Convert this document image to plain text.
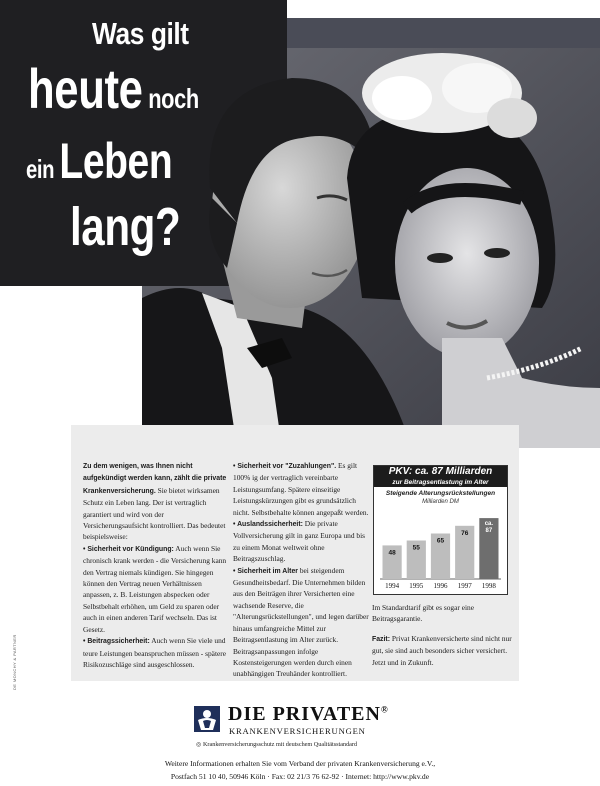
Was gilt
heute noch
ein Leben
lang?

Zu dem wenigen, was Ihnen nicht aufgekündigt werden kann, zählt die private Krankenversicherung. Sie bietet wirksamen Schutz ein Leben lang. Der ist vertraglich garantiert und wird von der Versicherungsaufsicht kontrolliert. Das bedeutet beispielsweise:

• Sicherheit vor Kündigung: Auch wenn Sie chronisch krank werden - die Versicherung kann den Vertrag niemals kündigen. Sie hingegen können den Vertrag neuen Verhältnissen anpassen, z. B. Leistungen abspecken oder Selbstbehalt erhöhen, um Geld zu sparen oder auch in einen anderen Tarif wechseln. Das ist Gesetz.

• Beitragssicherheit: Auch wenn Sie viele und teure Leistungen beanspruchen müssen - spätere Risikozuschläge sind ausgeschlossen.

• Sicherheit vor "Zuzahlungen". Es gilt 100% ig der vertraglich vereinbarte Leistungsumfang. Spätere einseitige Leistungskürzungen gibt es grundsätzlich nicht. Selbstbehalte können angepaßt werden.

• Auslandssicherheit: Die private Vollversicherung gilt in ganz Europa und bis zu einem Monat weltweit ohne Beitragszuschlag.

• Sicherheit im Alter bei steigendem Gesundheitsbedarf. Die Unternehmen bilden aus den Beiträgen ihrer Versicherten eine wachsende Reserve, die "Alterungsrückstellungen", und legen darüber hinaus umfangreiche Mittel zur Beitragsentlastung im Alter zurück. Beitragsanpassungen infolge Kostensteigerungen werden durch einen unabhängigen Treuhänder kontrolliert.

PKV: ca. 87 Milliarden
zur Beitragsentlastung im Alter
Steigende Alterungsrückstellungen
Milliarden DM
48
1994
55
1995
65
1996
76
1997
ca.
87
1998

Im Standardtarif gibt es sogar eine Beitragsgarantie.

Fazit: Privat Krankenversicherte sind nicht nur gut, sie sind auch besonders sicher versichert. Jetzt und in Zukunft.

DIE PRIVATEN®
KRANKENVERSICHERUNGEN
◎ Krankenversicherungsschutz mit deutschem Qualitätsstandard
Weitere Informationen erhalten Sie vom Verband der privaten Krankenversicherung e.V.,
Postfach 51 10 40, 50946 Köln · Fax: 02 21/3 76 62-92 · Internet: http://www.pkv.de
DE MONCHY & PARTNER
